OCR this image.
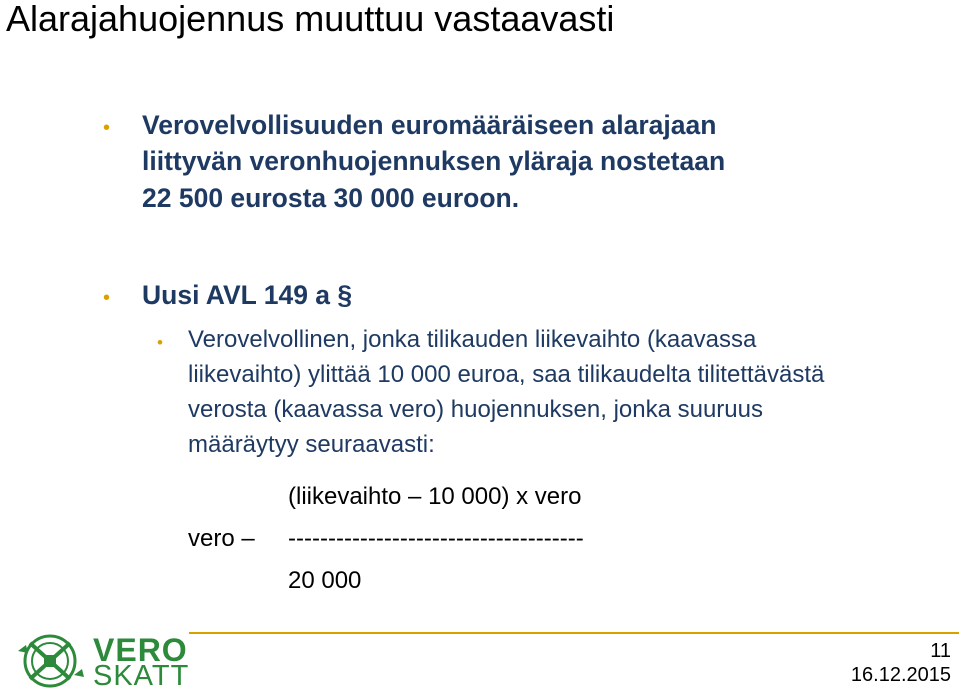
Alarajahuojennus muuttuu vastaavasti
• Verovelvollisuuden euromääräiseen alarajaan
liittyvän veronhuojennuksen yläraja nostetaan
22 500 eurosta 30 000 euroon.
• Uusi AVL 149 a §
• Verovelvollinen, jonka tilikauden liikevaihto (kaavassa
liikevaihto) ylittää 10 000 euroa, saa tilikaudelta tilitettävästä
verosta (kaavassa vero) huojennuksen, jonka suuruus
määräytyy seuraavasti:
(liikevaihto – 10 000) x vero
vero – -------------------------------------
20 000
VERO
SKATT
11
16.12.2015
